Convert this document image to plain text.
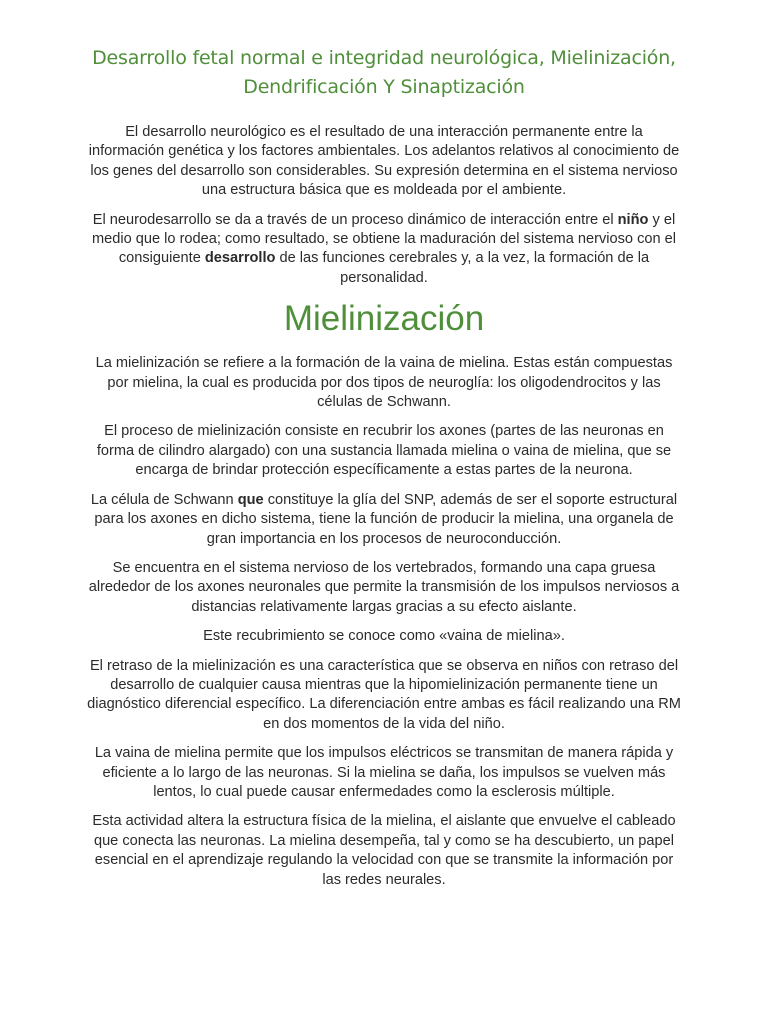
Desarrollo fetal normal e integridad neurológica, Mielinización, Dendrificación Y Sinaptización

El desarrollo neurológico es el resultado de una interacción permanente entre la información genética y los factores ambientales. Los adelantos relativos al conocimiento de los genes del desarrollo son considerables. Su expresión determina en el sistema nervioso una estructura básica que es moldeada por el ambiente.

El neurodesarrollo se da a través de un proceso dinámico de interacción entre el niño y el medio que lo rodea; como resultado, se obtiene la maduración del sistema nervioso con el consiguiente desarrollo de las funciones cerebrales y, a la vez, la formación de la personalidad.

Mielinización

La mielinización se refiere a la formación de la vaina de mielina. Estas están compuestas por mielina, la cual es producida por dos tipos de neuroglía: los oligodendrocitos y las células de Schwann.

El proceso de mielinización consiste en recubrir los axones (partes de las neuronas en forma de cilindro alargado) con una sustancia llamada mielina o vaina de mielina, que se encarga de brindar protección específicamente a estas partes de la neurona.

La célula de Schwann que constituye la glía del SNP, además de ser el soporte estructural para los axones en dicho sistema, tiene la función de producir la mielina, una organela de gran importancia en los procesos de neuroconducción.

Se encuentra en el sistema nervioso de los vertebrados, formando una capa gruesa alrededor de los axones neuronales que permite la transmisión de los impulsos nerviosos a distancias relativamente largas gracias a su efecto aislante.

Este recubrimiento se conoce como «vaina de mielina».

El retraso de la mielinización es una característica que se observa en niños con retraso del desarrollo de cualquier causa mientras que la hipomielinización permanente tiene un diagnóstico diferencial específico. La diferenciación entre ambas es fácil realizando una RM en dos momentos de la vida del niño.

La vaina de mielina permite que los impulsos eléctricos se transmitan de manera rápida y eficiente a lo largo de las neuronas. Si la mielina se daña, los impulsos se vuelven más lentos, lo cual puede causar enfermedades como la esclerosis múltiple.

Esta actividad altera la estructura física de la mielina, el aislante que envuelve el cableado que conecta las neuronas. La mielina desempeña, tal y como se ha descubierto, un papel esencial en el aprendizaje regulando la velocidad con que se transmite la información por las redes neurales.
